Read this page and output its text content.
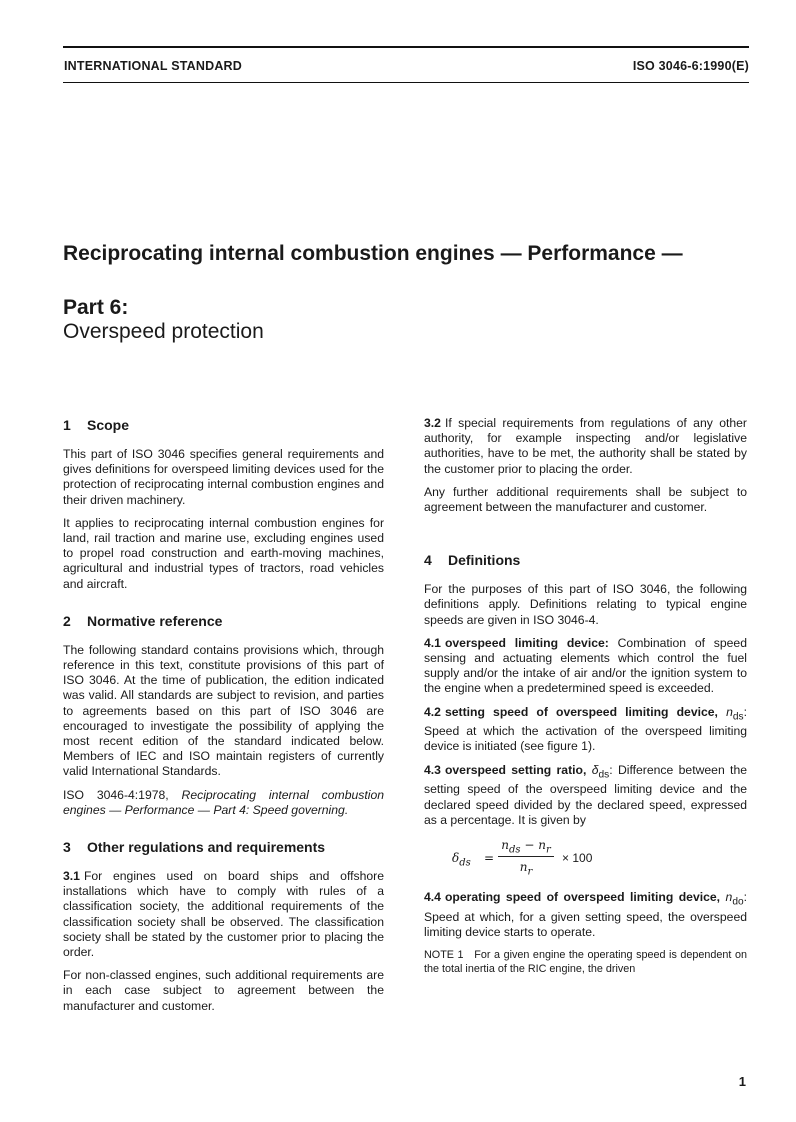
INTERNATIONAL STANDARD	ISO 3046-6:1990(E)
Reciprocating internal combustion engines — Performance —
Part 6:
Overspeed protection
1 Scope

This part of ISO 3046 specifies general requirements and gives definitions for overspeed limiting devices used for the protection of reciprocating internal combustion engines and their driven machinery.

It applies to reciprocating internal combustion engines for land, rail traction and marine use, excluding engines used to propel road construction and earth-moving machines, agricultural and industrial types of tractors, road vehicles and aircraft.

2 Normative reference

The following standard contains provisions which, through reference in this text, constitute provisions of this part of ISO 3046. At the time of publication, the edition indicated was valid. All standards are subject to revision, and parties to agreements based on this part of ISO 3046 are encouraged to investigate the possibility of applying the most recent edition of the standard indicated below. Members of IEC and ISO maintain registers of currently valid International Standards.

ISO 3046-4:1978, Reciprocating internal combustion engines — Performance — Part 4: Speed governing.

3 Other regulations and requirements

3.1 For engines used on board ships and offshore installations which have to comply with rules of a classification society, the additional requirements of the classification society shall be observed. The classification society shall be stated by the customer prior to placing the order.

For non-classed engines, such additional requirements are in each case subject to agreement between the manufacturer and customer.

3.2 If special requirements from regulations of any other authority, for example inspecting and/or legislative authorities, have to be met, the authority shall be stated by the customer prior to placing the order.

Any further additional requirements shall be subject to agreement between the manufacturer and customer.

4 Definitions

For the purposes of this part of ISO 3046, the following definitions apply. Definitions relating to typical engine speeds are given in ISO 3046-4.

4.1 overspeed limiting device: Combination of speed sensing and actuating elements which control the fuel supply and/or the intake of air and/or the ignition system to the engine when a predetermined speed is exceeded.

4.2 setting speed of overspeed limiting device, $n_{ds}$: Speed at which the activation of the overspeed limiting device is initiated (see figure 1).

4.3 overspeed setting ratio, $\delta_{ds}$: Difference between the setting speed of the overspeed limiting device and the declared speed divided by the declared speed, expressed as a percentage. It is given by

$\delta_{ds}$ =
$n_{ds} - n_r$
$n_r$
× 100

4.4 operating speed of overspeed limiting device, $n_{do}$: Speed at which, for a given setting speed, the overspeed limiting device starts to operate.

NOTE 1 For a given engine the operating speed is dependent on the total inertia of the RIC engine, the driven

1
